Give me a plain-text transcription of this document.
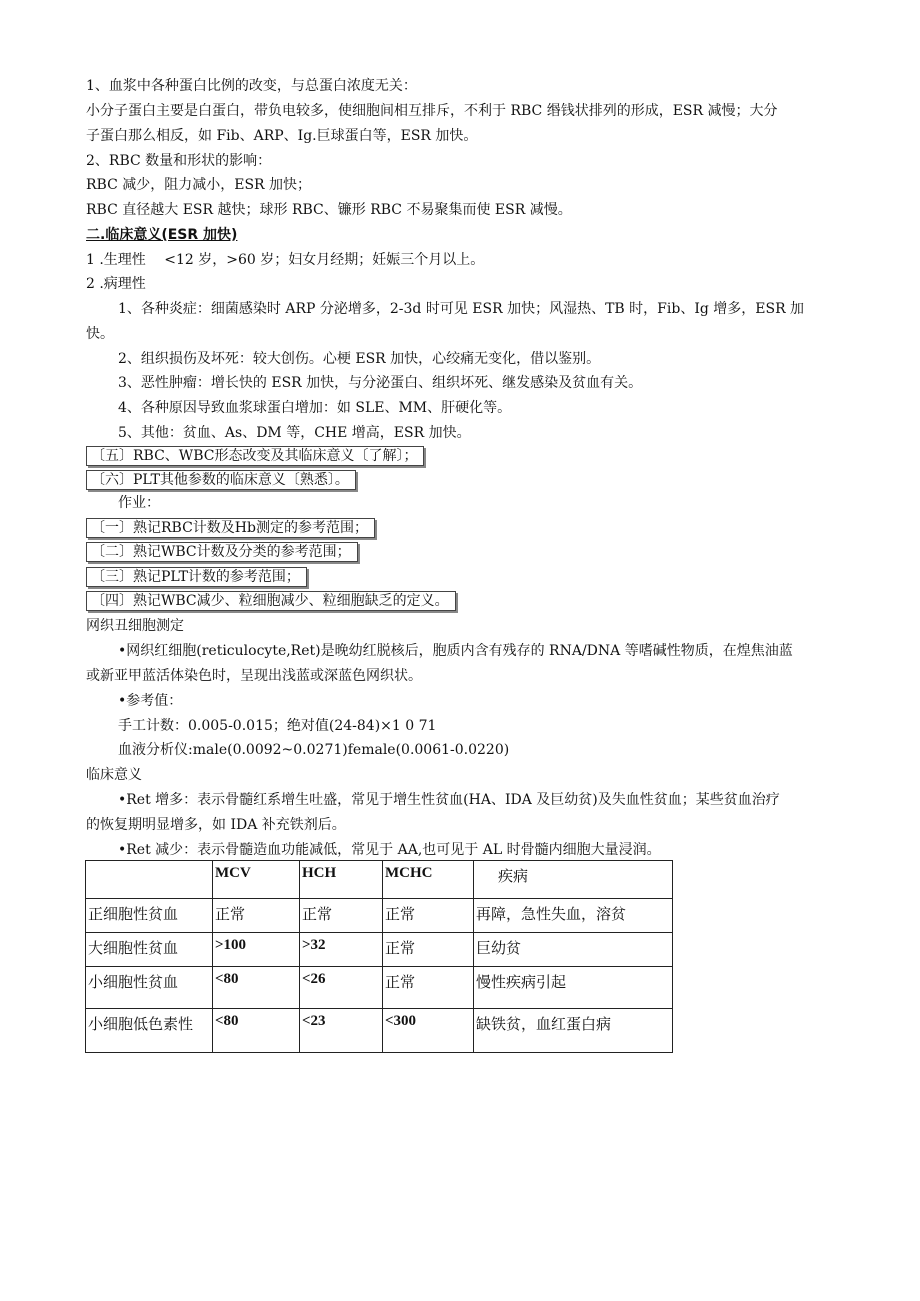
1、血浆中各种蛋白比例的改变，与总蛋白浓度无关：
小分子蛋白主要是白蛋白，带负电较多，使细胞间相互排斥，不利于 RBC 缗钱状排列的形成，ESR 减慢；大分
子蛋白那么相反，如 Fib、ARP、Ig.巨球蛋白等，ESR 加快。
2、RBC 数量和形状的影响：
RBC 减少，阻力减小，ESR 加快；
RBC 直径越大 ESR 越快；球形 RBC、镰形 RBC 不易聚集而使 ESR 减慢。
二.临床意义(ESR 加快)
1 .生理性　 <12 岁，>60 岁；妇女月经期；妊娠三个月以上。
2 .病理性
1、各种炎症：细菌感染时 ARP 分泌增多，2-3d 时可见 ESR 加快；风湿热、TB 时，Fib、Ig 增多，ESR 加
快。
2、组织损伤及坏死：较大创伤。心梗 ESR 加快，心绞痛无变化，借以鉴别。
3、恶性肿瘤：增长快的 ESR 加快，与分泌蛋白、组织坏死、继发感染及贫血有关。
4、各种原因导致血浆球蛋白增加：如 SLE、MM、肝硬化等。
5、其他：贫血、As、DM 等，CHE 增高，ESR 加快。
〔五〕RBC、WBC形态改变及其临床意义〔了解〕；
〔六〕PLT其他参数的临床意义〔熟悉〕。
作业：
〔一〕熟记RBC计数及Hb测定的参考范围；
〔二〕熟记WBC计数及分类的参考范围；
〔三〕熟记PLT计数的参考范围；
〔四〕熟记WBC减少、粒细胞减少、粒细胞缺乏的定义。
网织丑细胞测定
•网织红细胞(reticulocyte,Ret)是晚幼红脱核后，胞质内含有残存的 RNA/DNA 等嗜碱性物质，在煌焦油蓝
或新亚甲蓝活体染色时，呈现出浅蓝或深蓝色网织状。
•参考值：
手工计数：0.005-0.015；绝对值(24-84)×1 0 71
血液分析仪:male(0.0092~0.0271)female(0.0061-0.0220)
临床意义
•Ret 增多：表示骨髓红系增生吐盛，常见于增生性贫血(HA、IDA 及巨幼贫)及失血性贫血；某些贫血治疗
的恢复期明显增多，如 IDA 补充铁剂后。
•Ret 减少：表示骨髓造血功能减低，常见于 AA,也可见于 AL 时骨髓内细胞大量浸润。
	MCV	HCH	MCHC	疾病
正细胞性贫血	正常	正常	正常	再障，急性失血，溶贫
大细胞性贫血	>100	>32	正常	巨幼贫
小细胞性贫血	<80	<26	正常	慢性疾病引起
小细胞低色素性	<80	<23	<300	缺铁贫，血红蛋白病
